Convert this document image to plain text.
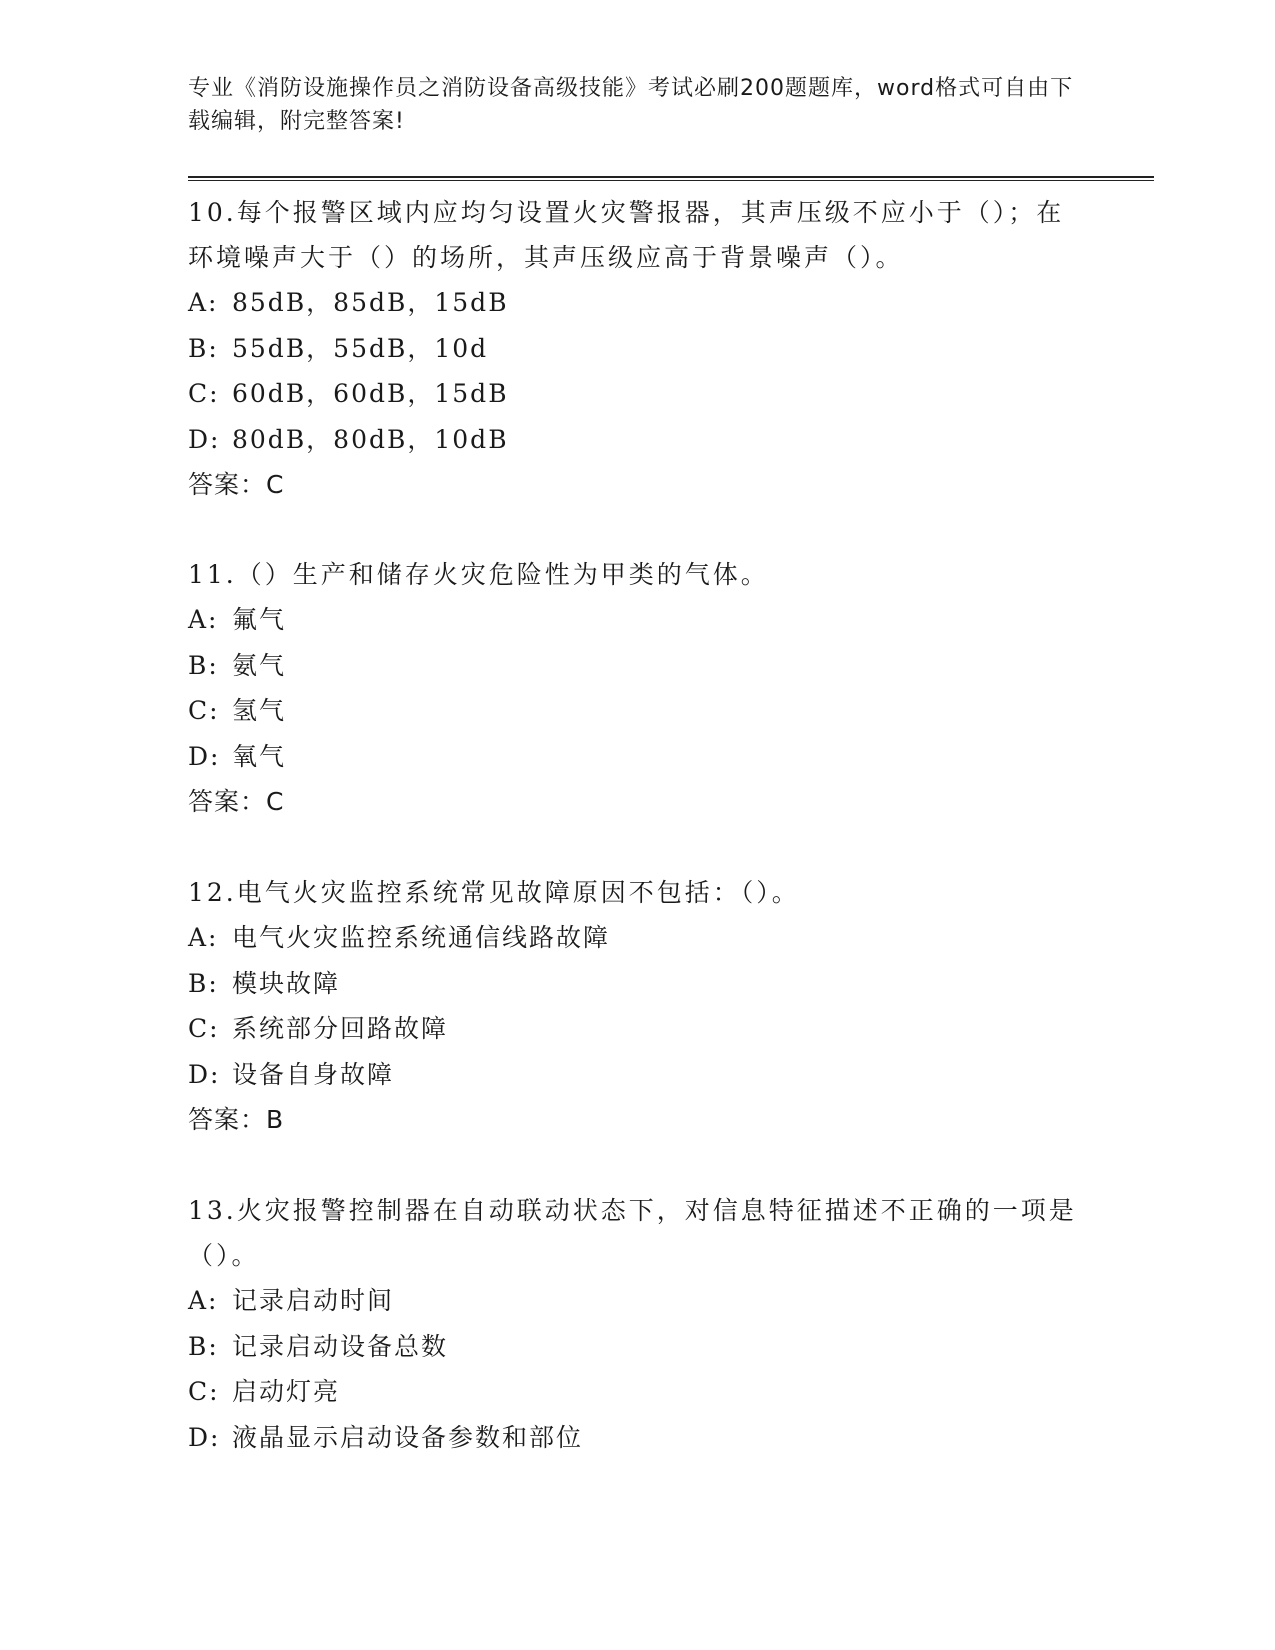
专业《消防设施操作员之消防设备高级技能》考试必刷200题题库，word格式可自由下载编辑，附完整答案!

10.每个报警区域内应均匀设置火灾警报器，其声压级不应小于（）；在环境噪声大于（）的场所，其声压级应高于背景噪声（）。

A: 85dB，85dB，15dB
B: 55dB，55dB，10d
C: 60dB，60dB，15dB
D: 80dB，80dB，10dB
答案：C

11.（）生产和储存火灾危险性为甲类的气体。

A: 氟气
B: 氨气
C: 氢气
D: 氧气
答案：C

12.电气火灾监控系统常见故障原因不包括：（）。

A: 电气火灾监控系统通信线路故障
B: 模块故障
C: 系统部分回路故障
D: 设备自身故障
答案：B

13.火灾报警控制器在自动联动状态下，对信息特征描述不正确的一项是（）。

A: 记录启动时间
B: 记录启动设备总数
C: 启动灯亮
D: 液晶显示启动设备参数和部位
